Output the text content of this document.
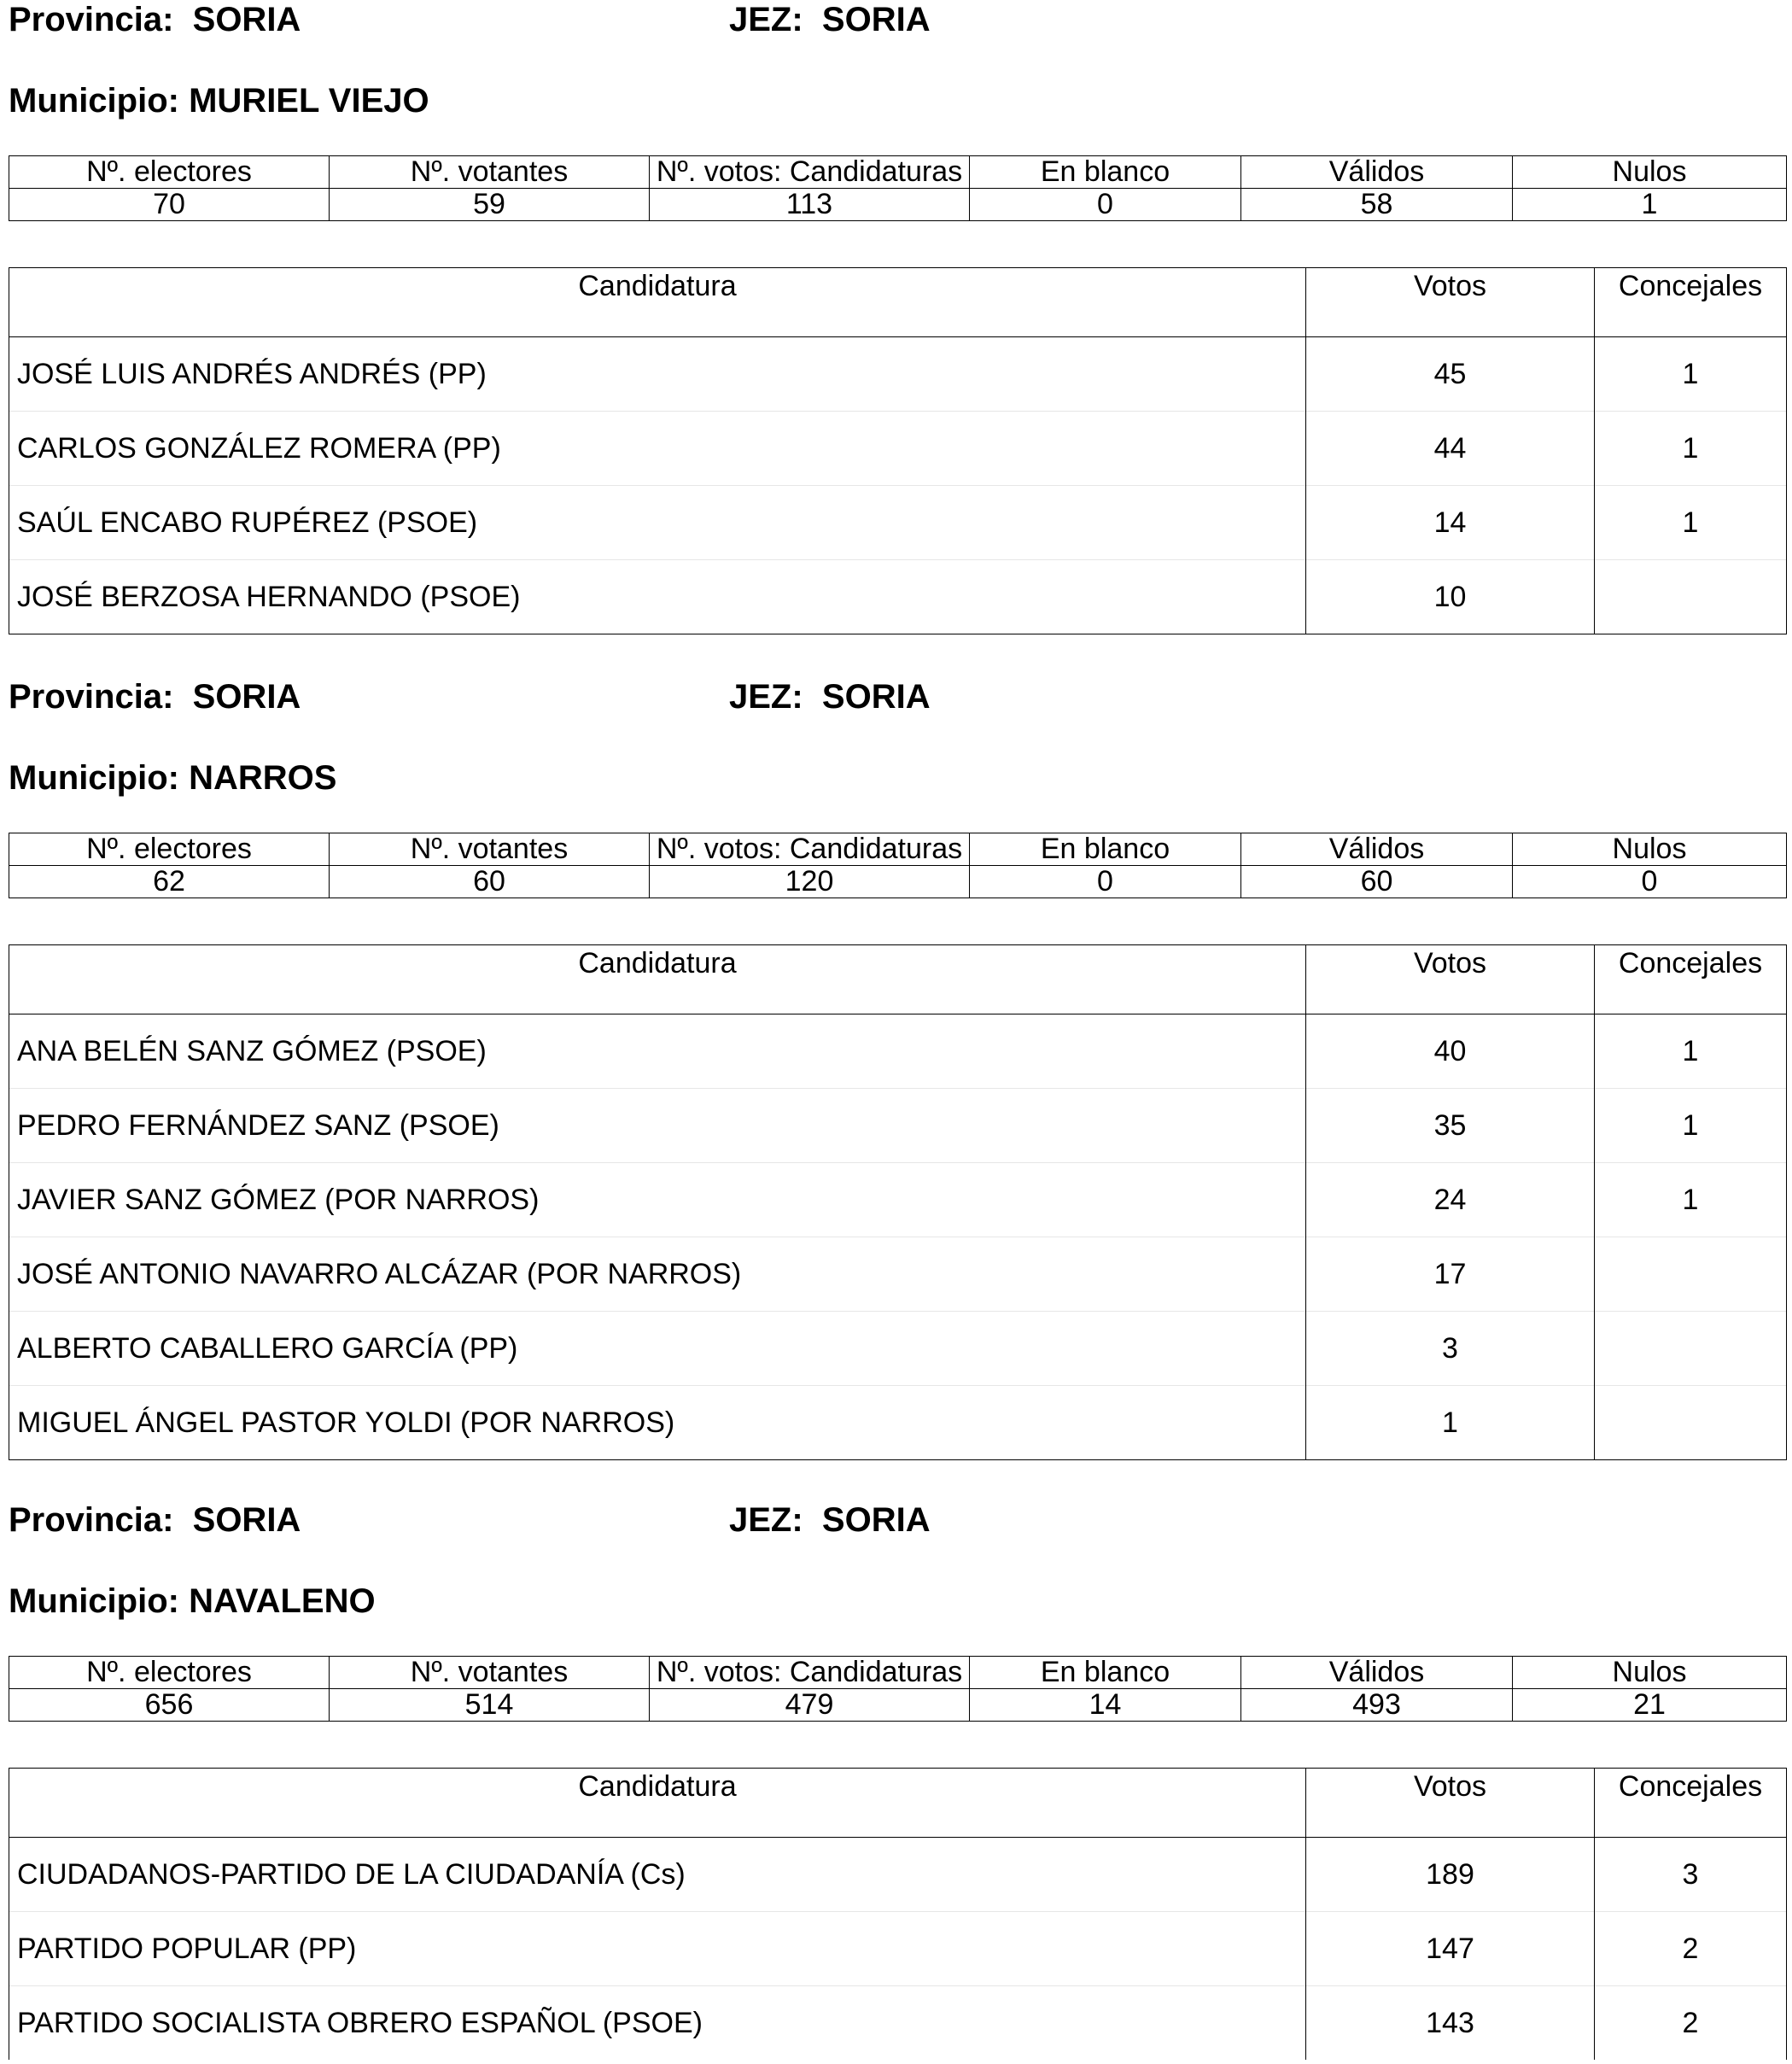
Provincia: SORIA	JEZ: SORIA
Municipio: MURIEL VIEJO
Nº. electores	Nº. votantes	Nº. votos: Candidaturas	En blanco	Válidos	Nulos
70	59	113	0	58	1
Candidatura	Votos	Concejales
JOSÉ LUIS ANDRÉS ANDRÉS (PP)	45	1
CARLOS GONZÁLEZ ROMERA (PP)	44	1
SAÚL ENCABO RUPÉREZ (PSOE)	14	1
JOSÉ BERZOSA HERNANDO (PSOE)	10	
Provincia: SORIA	JEZ: SORIA
Municipio: NARROS
Nº. electores	Nº. votantes	Nº. votos: Candidaturas	En blanco	Válidos	Nulos
62	60	120	0	60	0
Candidatura	Votos	Concejales
ANA BELÉN SANZ GÓMEZ (PSOE)	40	1
PEDRO FERNÁNDEZ SANZ (PSOE)	35	1
JAVIER SANZ GÓMEZ (POR NARROS)	24	1
JOSÉ ANTONIO NAVARRO ALCÁZAR (POR NARROS)	17	
ALBERTO CABALLERO GARCÍA (PP)	3	
MIGUEL ÁNGEL PASTOR YOLDI (POR NARROS)	1	
Provincia: SORIA	JEZ: SORIA
Municipio: NAVALENO
Nº. electores	Nº. votantes	Nº. votos: Candidaturas	En blanco	Válidos	Nulos
656	514	479	14	493	21
Candidatura	Votos	Concejales
CIUDADANOS-PARTIDO DE LA CIUDADANÍA (Cs)	189	3
PARTIDO POPULAR (PP)	147	2
PARTIDO SOCIALISTA OBRERO ESPAÑOL (PSOE)	143	2
